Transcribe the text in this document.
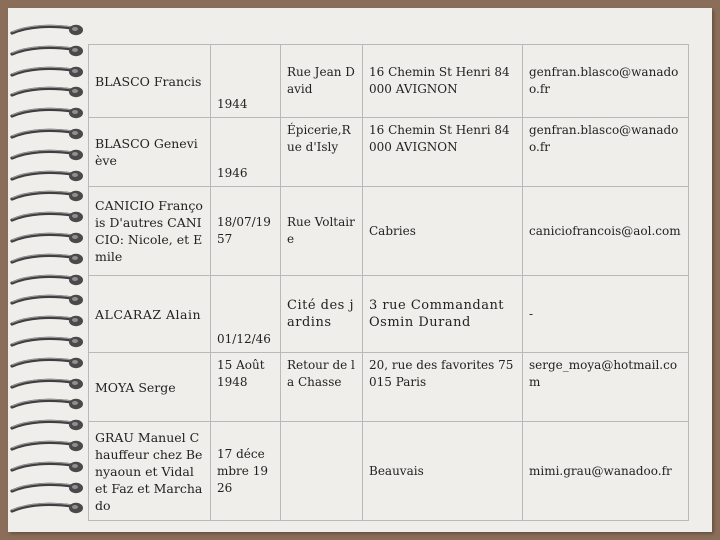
BLASCO Francis	1944	Rue Jean David	16 Chemin St Henri 84000 AVIGNON	genfran.blasco@wanadoo.fr
BLASCO Geneviève	1946	Épicerie,Rue d'Isly	16 Chemin St Henri 84000 AVIGNON	genfran.blasco@wanadoo.fr
CANICIO François D'autres CANICIO: Nicole, et Emile	18/07/1957	Rue Voltaire	Cabries	caniciofrancois@aol.com
ALCARAZ Alain	01/12/46	Cité des jardins	3 rue Commandant Osmin Durand	-
MOYA Serge	15 Août 1948	Retour de la Chasse	20, rue des favorites 75015 Paris	serge_moya@hotmail.com
GRAU Manuel Chauffeur chez Benyaoun et Vidal et Faz et Marchado	17 décembre 1926		Beauvais	mimi.grau@wanadoo.fr
